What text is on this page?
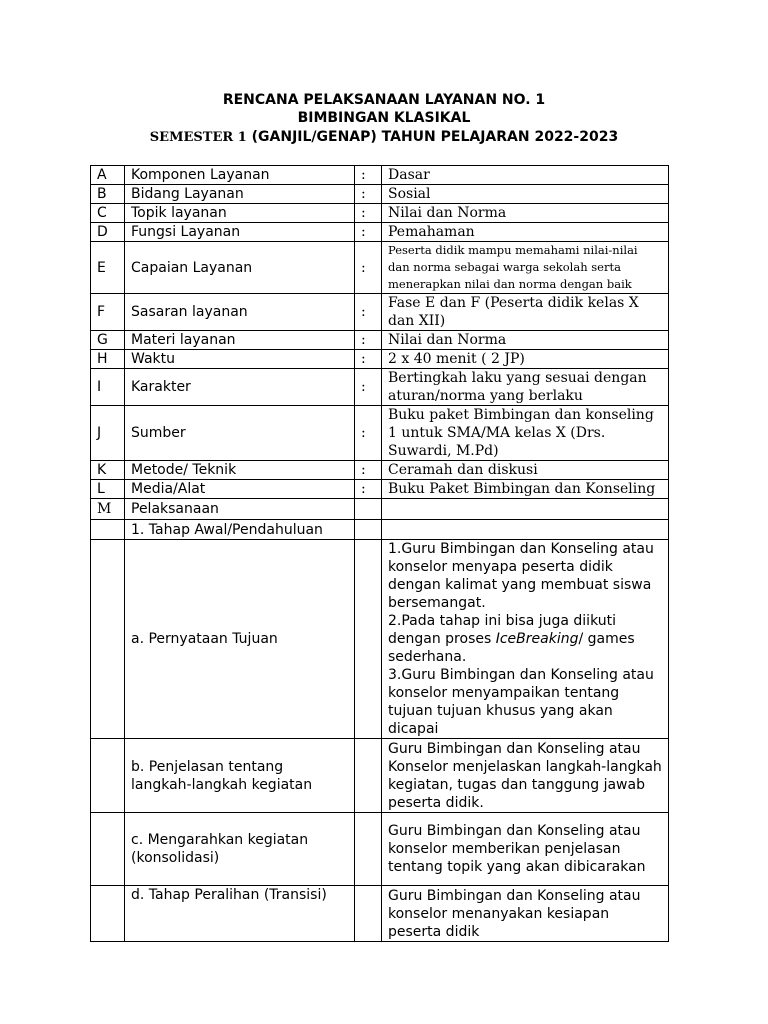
RENCANA PELAKSANAAN LAYANAN NO. 1
BIMBINGAN KLASIKAL
SEMESTER 1 (GANJIL/GENAP) TAHUN PELAJARAN 2022-2023
A	Komponen Layanan	:	Dasar
B	Bidang Layanan	:	Sosial
C	Topik layanan	:	Nilai dan Norma
D	Fungsi Layanan	:	Pemahaman
E	Capaian Layanan	:	Peserta didik mampu memahami nilai-nilai dan norma sebagai warga sekolah serta menerapkan nilai dan norma dengan baik
F	Sasaran layanan	:	Fase E dan F (Peserta didik kelas X dan XII)
G	Materi layanan	:	Nilai dan Norma
H	Waktu	:	2 x 40 menit ( 2 JP)
I	Karakter	:	Bertingkah laku yang sesuai dengan aturan/norma yang berlaku
J	Sumber	:	Buku paket Bimbingan dan konseling 1 untuk SMA/MA kelas X (Drs. Suwardi, M.Pd)
K	Metode/ Teknik	:	Ceramah dan diskusi
L	Media/Alat	:	Buku Paket Bimbingan dan Konseling
M	Pelaksanaan		
	1. Tahap Awal/Pendahuluan		
	a. Pernyataan Tujuan		1.Guru Bimbingan dan Konseling atau konselor menyapa peserta didik dengan kalimat yang membuat siswa bersemangat.
2.Pada tahap ini bisa juga diikuti dengan proses IceBreaking/ games sederhana.
3.Guru Bimbingan dan Konseling atau konselor menyampaikan tentang tujuan tujuan khusus yang akan dicapai

	b. Penjelasan tentang langkah-langkah kegiatan		Guru Bimbingan dan Konseling atau Konselor menjelaskan langkah-langkah kegiatan, tugas dan tanggung jawab peserta didik.
	c. Mengarahkan kegiatan (konsolidasi)		Guru Bimbingan dan Konseling atau konselor memberikan penjelasan tentang topik yang akan dibicarakan
	d. Tahap Peralihan (Transisi)		Guru Bimbingan dan Konseling atau konselor menanyakan kesiapan peserta didik
